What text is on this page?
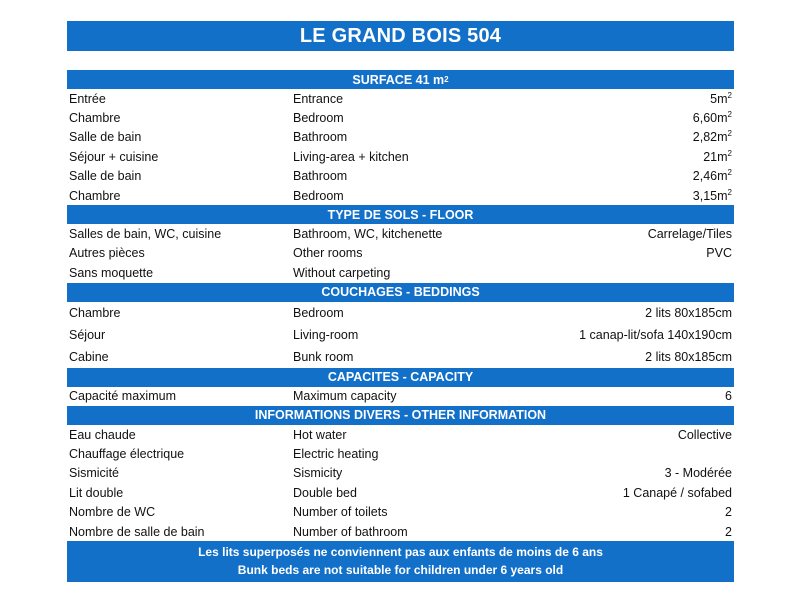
LE GRAND BOIS 504
SURFACE 41 m 2
Entrée	Entrance	$5m^2$
Chambre	Bedroom	$6,60m^2$
Salle de bain	Bathroom	$2,82m^2$
Séjour + cuisine	Living-area + kitchen	$21m^2$
Salle de bain	Bathroom	$2,46m^2$
Chambre	Bedroom	$3,15m^2$
TYPE DE SOLS - FLOOR
Salles de bain, WC, cuisine	Bathroom, WC, kitchenette	Carrelage/Tiles
Autres pièces	Other rooms	PVC
Sans moquette	Without carpeting
COUCHAGES - BEDDINGS
Chambre	Bedroom	2 lits 80x185cm
Séjour	Living-room	1 canap-lit/sofa 140x190cm
Cabine	Bunk room	2 lits 80x185cm
CAPACITES - CAPACITY
Capacité maximum	Maximum capacity	6
INFORMATIONS DIVERS - OTHER INFORMATION
Eau chaude	Hot water	Collective
Chauffage électrique	Electric heating
Sismicité	Sismicity	3 - Modérée
Lit double	Double bed	1 Canapé / sofabed
Nombre de WC	Number of toilets	2
Nombre de salle de bain	Number of bathroom	2
Les lits superposés ne conviennent pas aux enfants de moins de 6 ans
Bunk beds are not suitable for children under 6 years old
